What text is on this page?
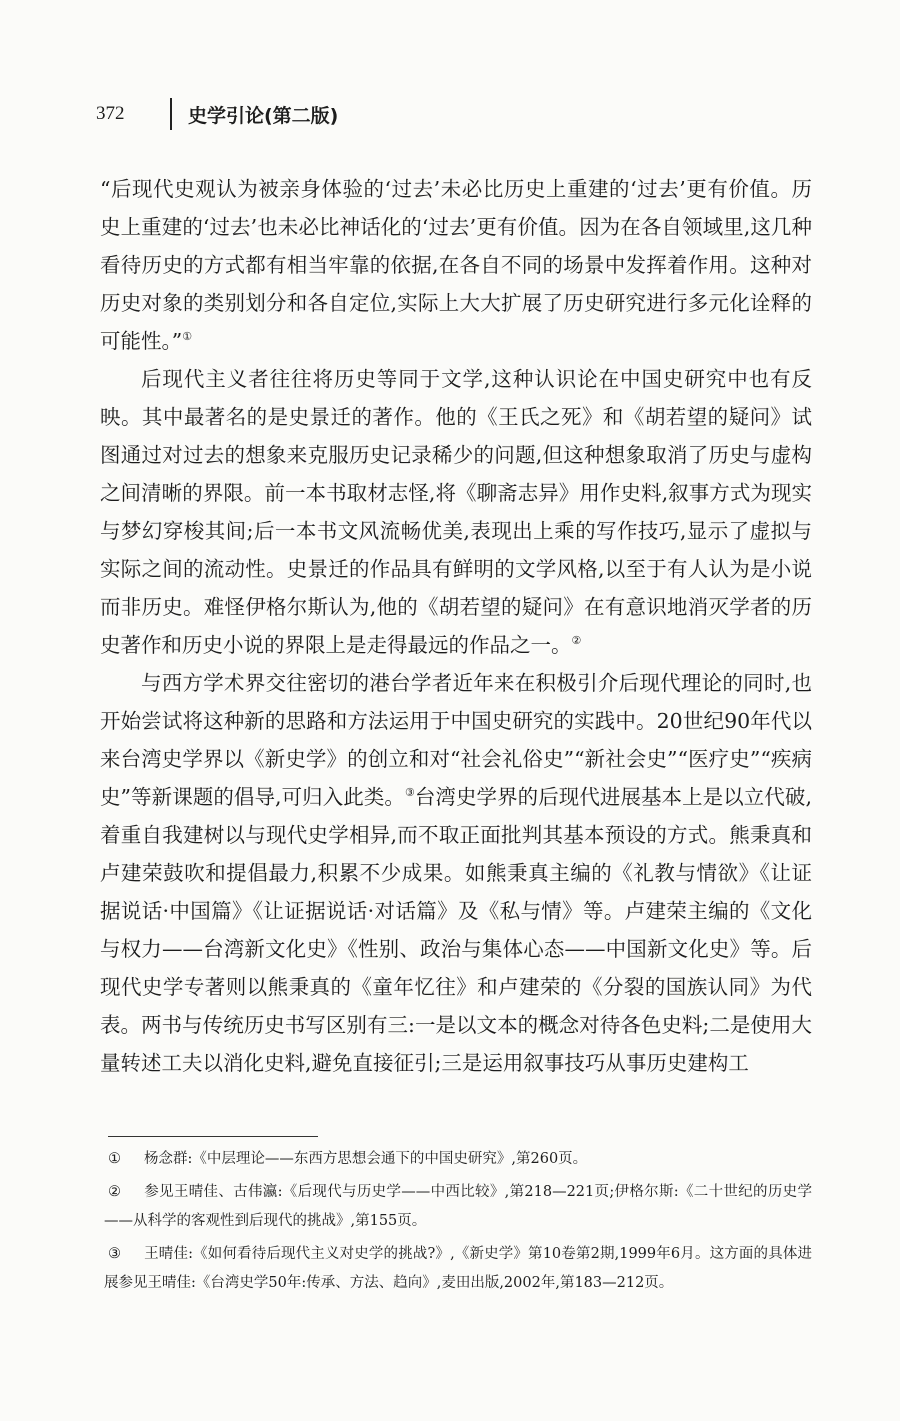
372	史学引论(第二版)

“后现代史观认为被亲身体验的‘过去’未必比历史上重建的‘过去’更有价值。历史上重建的‘过去’也未必比神话化的‘过去’更有价值。因为在各自领域里,这几种看待历史的方式都有相当牢靠的依据,在各自不同的场景中发挥着作用。这种对历史对象的类别划分和各自定位,实际上大大扩展了历史研究进行多元化诠释的可能性。”①

后现代主义者往往将历史等同于文学,这种认识论在中国史研究中也有反映。其中最著名的是史景迁的著作。他的《王氏之死》和《胡若望的疑问》试图通过对过去的想象来克服历史记录稀少的问题,但这种想象取消了历史与虚构之间清晰的界限。前一本书取材志怪,将《聊斋志异》用作史料,叙事方式为现实与梦幻穿梭其间;后一本书文风流畅优美,表现出上乘的写作技巧,显示了虚拟与实际之间的流动性。史景迁的作品具有鲜明的文学风格,以至于有人认为是小说而非历史。难怪伊格尔斯认为,他的《胡若望的疑问》在有意识地消灭学者的历史著作和历史小说的界限上是走得最远的作品之一。②

与西方学术界交往密切的港台学者近年来在积极引介后现代理论的同时,也开始尝试将这种新的思路和方法运用于中国史研究的实践中。20世纪90年代以来台湾史学界以《新史学》的创立和对“社会礼俗史”“新社会史”“医疗史”“疾病史”等新课题的倡导,可归入此类。③台湾史学界的后现代进展基本上是以立代破,着重自我建树以与现代史学相异,而不取正面批判其基本预设的方式。熊秉真和卢建荣鼓吹和提倡最力,积累不少成果。如熊秉真主编的《礼教与情欲》《让证据说话·中国篇》《让证据说话·对话篇》及《私与情》等。卢建荣主编的《文化与权力——台湾新文化史》《性别、政治与集体心态——中国新文化史》等。后现代史学专著则以熊秉真的《童年忆往》和卢建荣的《分裂的国族认同》为代表。两书与传统历史书写区别有三:一是以文本的概念对待各色史料;二是使用大量转述工夫以消化史料,避免直接征引;三是运用叙事技巧从事历史建构工

① 杨念群:《中层理论——东西方思想会通下的中国史研究》,第260页。

② 参见王晴佳、古伟瀛:《后现代与历史学——中西比较》,第218—221页;伊格尔斯:《二十世纪的历史学——从科学的客观性到后现代的挑战》,第155页。

③ 王晴佳:《如何看待后现代主义对史学的挑战?》,《新史学》第10卷第2期,1999年6月。这方面的具体进展参见王晴佳:《台湾史学50年:传承、方法、趋向》,麦田出版,2002年,第183—212页。
